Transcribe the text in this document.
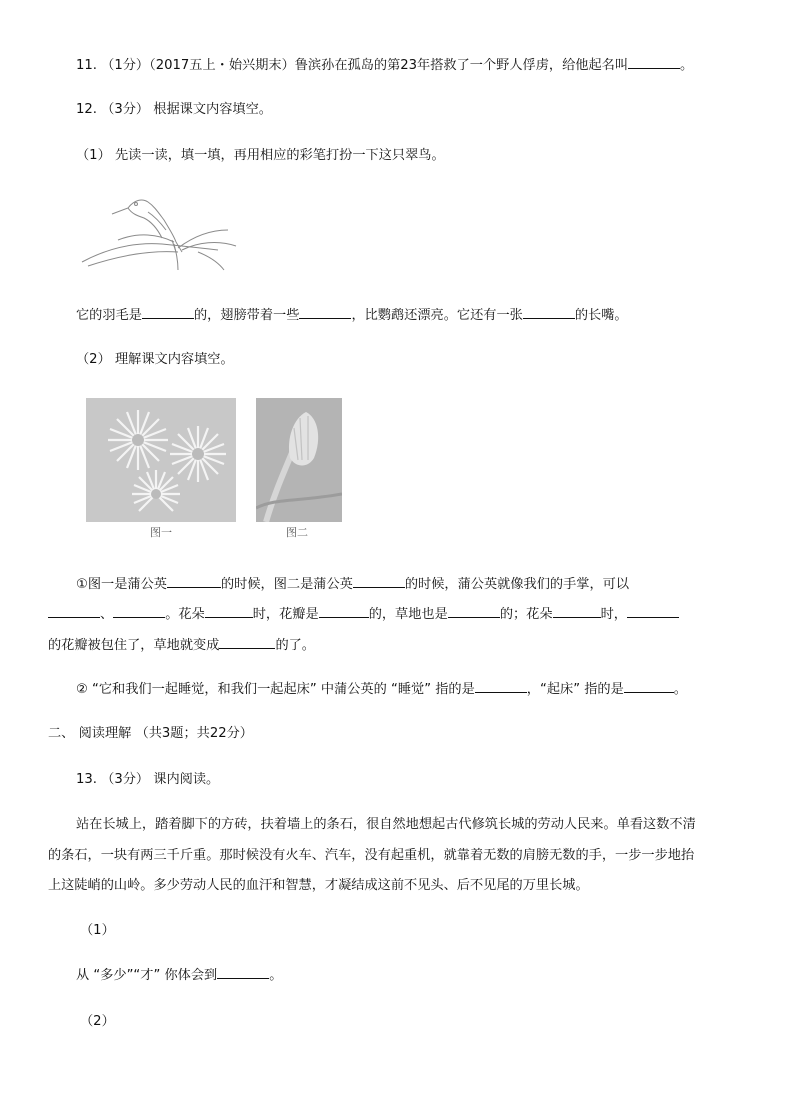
11. （1分）（2017五上・始兴期末）鲁滨孙在孤岛的第23年搭救了一个野人俘虏，给他起名叫	。
12. （3分） 根据课文内容填空。
（1） 先读一读，填一填，再用相应的彩笔打扮一下这只翠鸟。
它的羽毛是	的，翅膀带着一些	，比鹦鹉还漂亮。它还有一张	的长嘴。
（2） 理解课文内容填空。
图一	图二
①图一是蒲公英	的时候，图二是蒲公英	的时候，蒲公英就像我们的手掌，可以
、	。花朵	时，花瓣是	的，草地也是	的；花朵	时，
的花瓣被包住了，草地就变成	的了。
② “它和我们一起睡觉，和我们一起起床” 中蒲公英的 “睡觉” 指的是	，“起床” 指的是	。
二、 阅读理解 （共3题；共22分）
13. （3分） 课内阅读。
站在长城上，踏着脚下的方砖，扶着墙上的条石，很自然地想起古代修筑长城的劳动人民来。单看这数不清
的条石，一块有两三千斤重。那时候没有火车、汽车，没有起重机，就靠着无数的肩膀无数的手，一步一步地抬
上这陡峭的山岭。多少劳动人民的血汗和智慧，才凝结成这前不见头、后不见尾的万里长城。
（1）
从 “多少”“才” 你体会到	。
（2）
